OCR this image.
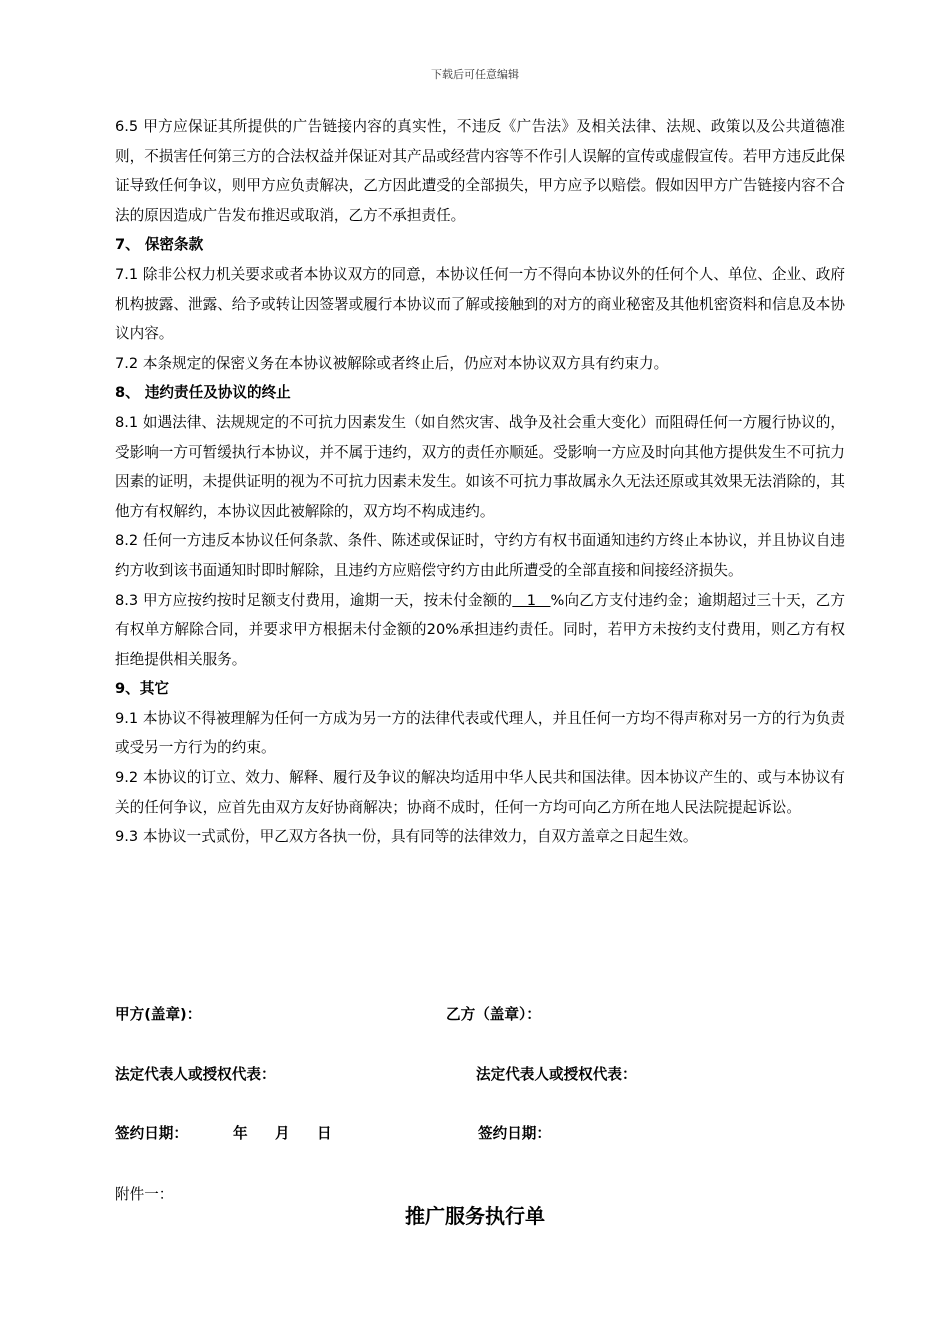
下载后可任意编辑

6.5 甲方应保证其所提供的广告链接内容的真实性，不违反《广告法》及相关法律、法规、政策以及公共道德准则，不损害任何第三方的合法权益并保证对其产品或经营内容等不作引人误解的宣传或虚假宣传。若甲方违反此保证导致任何争议，则甲方应负责解决，乙方因此遭受的全部损失，甲方应予以赔偿。假如因甲方广告链接内容不合法的原因造成广告发布推迟或取消，乙方不承担责任。

7、 保密条款

7.1 除非公权力机关要求或者本协议双方的同意，本协议任何一方不得向本协议外的任何个人、单位、企业、政府机构披露、泄露、给予或转让因签署或履行本协议而了解或接触到的对方的商业秘密及其他机密资料和信息及本协议内容。

7.2 本条规定的保密义务在本协议被解除或者终止后，仍应对本协议双方具有约束力。

8、 违约责任及协议的终止

8.1 如遇法律、法规规定的不可抗力因素发生（如自然灾害、战争及社会重大变化）而阻碍任何一方履行协议的，受影响一方可暂缓执行本协议，并不属于违约，双方的责任亦顺延。受影响一方应及时向其他方提供发生不可抗力因素的证明，未提供证明的视为不可抗力因素未发生。如该不可抗力事故属永久无法还原或其效果无法消除的，其他方有权解约，本协议因此被解除的，双方均不构成违约。

8.2 任何一方违反本协议任何条款、条件、陈述或保证时，守约方有权书面通知违约方终止本协议，并且协议自违约方收到该书面通知时即时解除，且违约方应赔偿守约方由此所遭受的全部直接和间接经济损失。

8.3 甲方应按约按时足额支付费用，逾期一天，按未付金额的   1   %向乙方支付违约金；逾期超过三十天，乙方有权单方解除合同，并要求甲方根据未付金额的20%承担违约责任。同时，若甲方未按约支付费用，则乙方有权拒绝提供相关服务。

9、其它

9.1 本协议不得被理解为任何一方成为另一方的法律代表或代理人，并且任何一方均不得声称对另一方的行为负责或受另一方行为的约束。

9.2 本协议的订立、效力、解释、履行及争议的解决均适用中华人民共和国法律。因本协议产生的、或与本协议有关的任何争议，应首先由双方友好协商解决；协商不成时，任何一方均可向乙方所在地人民法院提起诉讼。

9.3 本协议一式贰份，甲乙双方各执一份，具有同等的法律效力，自双方盖章之日起生效。

甲方(盖章)：	乙方（盖章）：
法定代表人或授权代表：	法定代表人或授权代表：
签约日期：	年 月 日	签约日期：
附件一：
推广服务执行单
